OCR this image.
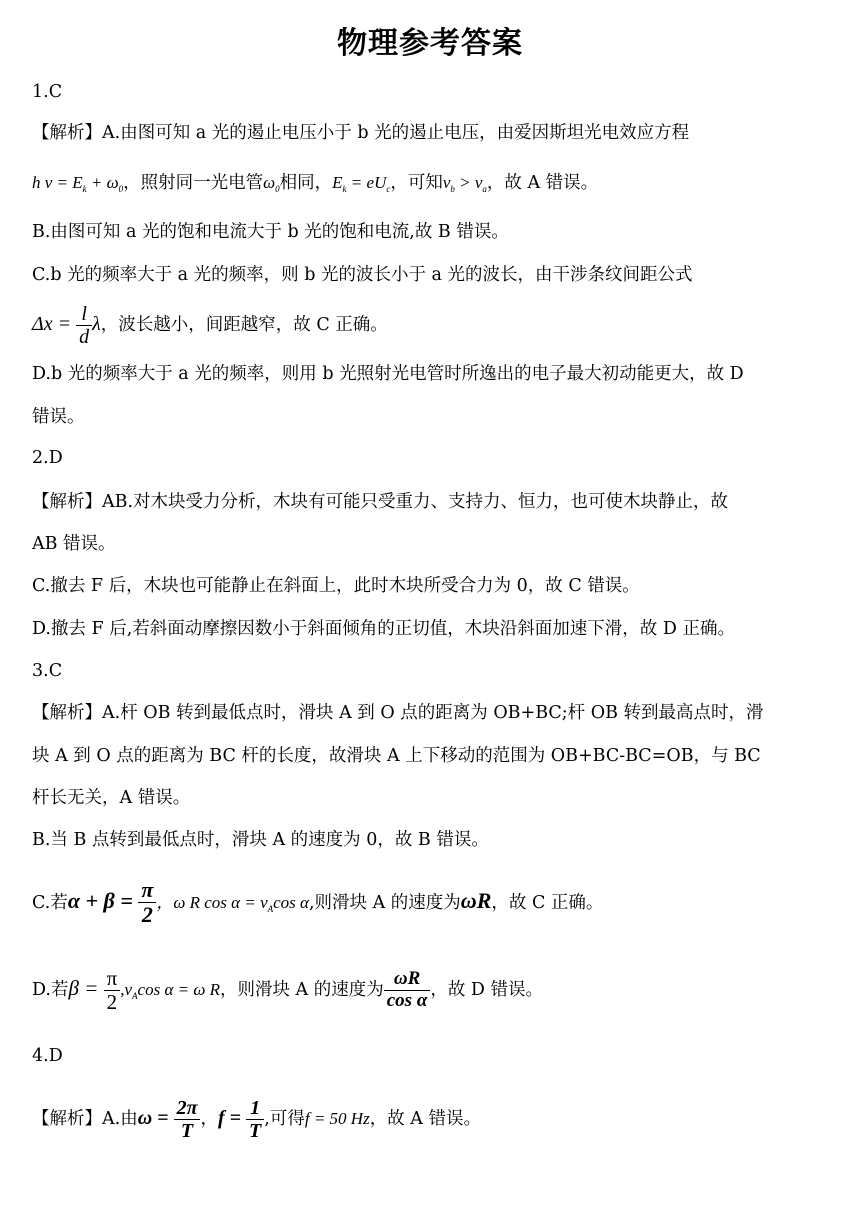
物理参考答案
1.C
【解析】A.由图可知 a 光的遏止电压小于 b 光的遏止电压，由爱因斯坦光电效应方程
h $v = E_k + \omega_0$，照射同一光电管$\omega_0$相同，$E_k = eU_c$，可知$v_b > v_a$，故 A 错误。
B.由图可知 a 光的饱和电流大于 b 光的饱和电流,故 B 错误。
C.b 光的频率大于 a 光的频率，则 b 光的波长小于 a 光的波长，由干涉条纹间距公式
$\Delta x = \frac{l}{d}$ λ，波长越小，间距越窄，故 C 正确。
D.b 光的频率大于 a 光的频率，则用 b 光照射光电管时所逸出的电子最大初动能更大，故 D
错误。
2.D
【解析】AB.对木块受力分析，木块有可能只受重力、支持力、恒力，也可使木块静止，故
AB 错误。
C.撤去 F 后，木块也可能静止在斜面上，此时木块所受合力为 0，故 C 错误。
D.撤去 F 后,若斜面动摩擦因数小于斜面倾角的正切值，木块沿斜面加速下滑，故 D 正确。
3.C
【解析】A.杆 OB 转到最低点时，滑块 A 到 O 点的距离为 OB+BC;杆 OB 转到最高点时，滑
块 A 到 O 点的距离为 BC 杆的长度，故滑块 A 上下移动的范围为 OB+BC-BC=OB，与 BC
杆长无关，A 错误。
B.当 B 点转到最低点时，滑块 A 的速度为 0，故 B 错误。
C.若$\alpha + \beta = \frac{\pi}{2}$ ，ω R $\cos \alpha = v_A\cos$ α,则滑块 A 的速度为ωR，故 C 正确。
D.若$\beta = \frac{\pi}{2} ,v_A\cos$ α = ω R，则滑块 A 的速度为 $\frac{\omega R}{\text{cos α}}$ ，故 D 错误。
4.D
【解析】A.由$\omega = \frac{2\pi}{T}$ ，$f = \frac{1}{T}$ ,可得f = 50 Hz，故 A 错误。
